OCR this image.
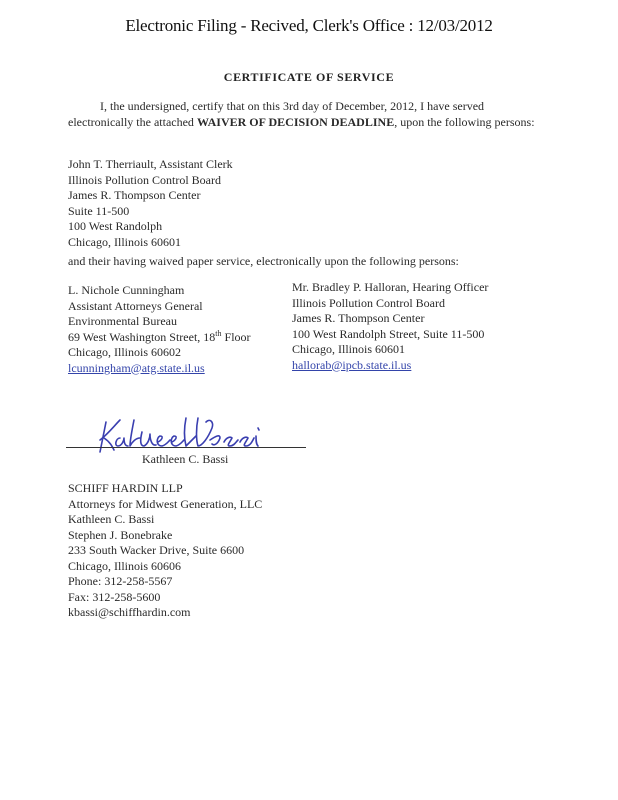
Electronic Filing - Recived, Clerk's Office : 12/03/2012
CERTIFICATE OF SERVICE
I, the undersigned, certify that on this 3rd day of December, 2012, I have served electronically the attached WAIVER OF DECISION DEADLINE, upon the following persons:
John T. Therriault, Assistant Clerk
Illinois Pollution Control Board
James R. Thompson Center
Suite 11-500
100 West Randolph
Chicago, Illinois 60601
and their having waived paper service, electronically upon the following persons:
L. Nichole Cunningham
Assistant Attorneys General
Environmental Bureau
69 West Washington Street, 18th Floor
Chicago, Illinois 60602
lcunningham@atg.state.il.us
Mr. Bradley P. Halloran, Hearing Officer
Illinois Pollution Control Board
James R. Thompson Center
100 West Randolph Street, Suite 11-500
Chicago, Illinois 60601
hallorab@ipcb.state.il.us
Kathleen C. Bassi
SCHIFF HARDIN LLP
Attorneys for Midwest Generation, LLC
Kathleen C. Bassi
Stephen J. Bonebrake
233 South Wacker Drive, Suite 6600
Chicago, Illinois 60606
Phone: 312-258-5567
Fax: 312-258-5600
kbassi@schiffhardin.com
